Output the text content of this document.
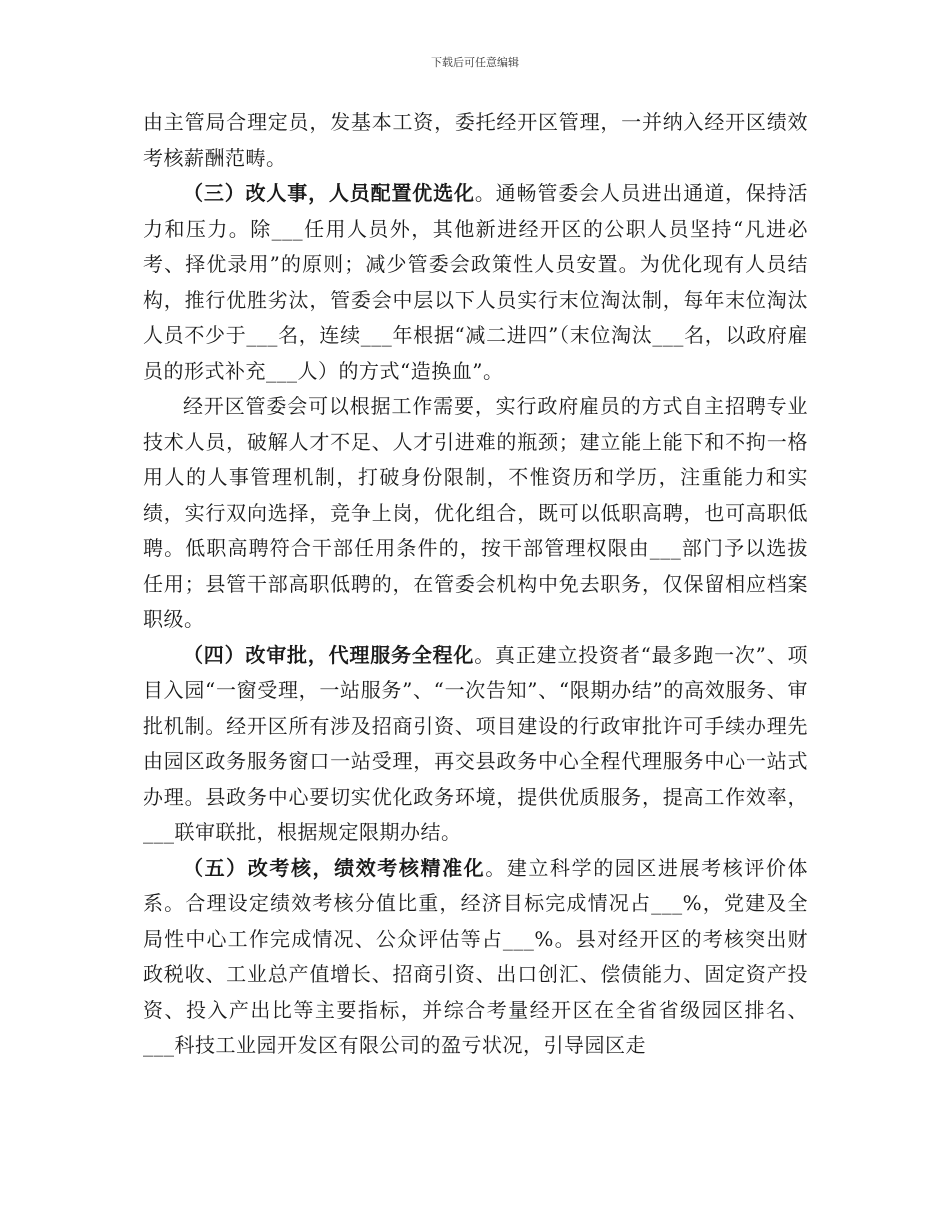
下载后可任意编辑

由主管局合理定员，发基本工资，委托经开区管理，一并纳入经开区绩效考核薪酬范畴。

（三）改人事，人员配置优选化。通畅管委会人员进出通道，保持活力和压力。除___任用人员外，其他新进经开区的公职人员坚持“凡进必考、择优录用”的原则；减少管委会政策性人员安置。为优化现有人员结构，推行优胜劣汰，管委会中层以下人员实行末位淘汰制，每年末位淘汰人员不少于___名，连续___年根据“减二进四”（末位淘汰___名，以政府雇员的形式补充___人）的方式“造换血”。

经开区管委会可以根据工作需要，实行政府雇员的方式自主招聘专业技术人员，破解人才不足、人才引进难的瓶颈；建立能上能下和不拘一格用人的人事管理机制，打破身份限制，不惟资历和学历，注重能力和实绩，实行双向选择，竞争上岗，优化组合，既可以低职高聘，也可高职低聘。低职高聘符合干部任用条件的，按干部管理权限由___部门予以选拔任用；县管干部高职低聘的，在管委会机构中免去职务，仅保留相应档案职级。

（四）改审批，代理服务全程化。真正建立投资者“最多跑一次”、项目入园“一窗受理，一站服务”、“一次告知”、“限期办结”的高效服务、审批机制。经开区所有涉及招商引资、项目建设的行政审批许可手续办理先由园区政务服务窗口一站受理，再交县政务中心全程代理服务中心一站式办理。县政务中心要切实优化政务环境，提供优质服务，提高工作效率，___联审联批，根据规定限期办结。

（五）改考核，绩效考核精准化。建立科学的园区进展考核评价体系。合理设定绩效考核分值比重，经济目标完成情况占___%，党建及全局性中心工作完成情况、公众评估等占___%。县对经开区的考核突出财政税收、工业总产值增长、招商引资、出口创汇、偿债能力、固定资产投资、投入产出比等主要指标，并综合考量经开区在全省省级园区排名、___科技工业园开发区有限公司的盈亏状况，引导园区走
